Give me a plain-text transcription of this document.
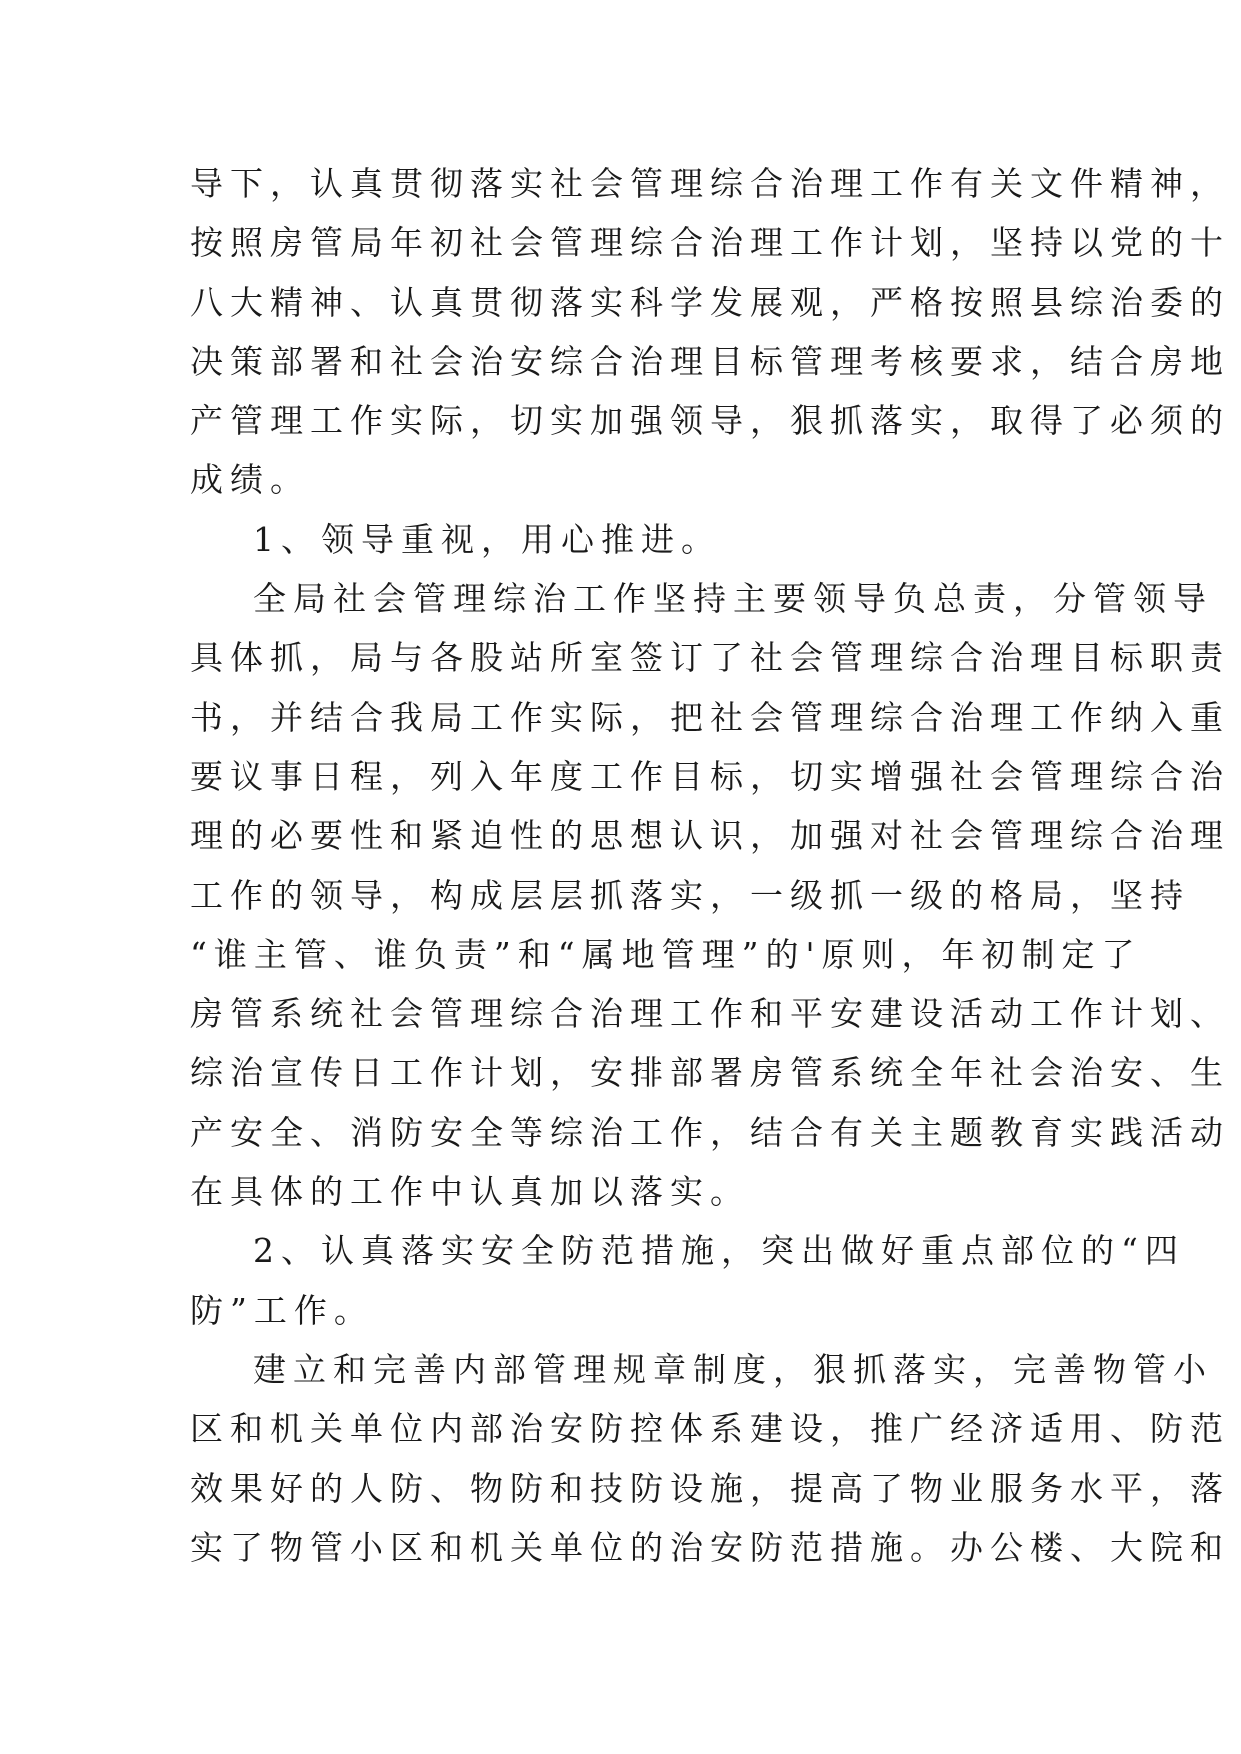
导下，认真贯彻落实社会管理综合治理工作有关文件精神，
按照房管局年初社会管理综合治理工作计划，坚持以党的十
八大精神、认真贯彻落实科学发展观，严格按照县综治委的
决策部署和社会治安综合治理目标管理考核要求，结合房地
产管理工作实际，切实加强领导，狠抓落实，取得了必须的
成绩。
1、领导重视，用心推进。
全局社会管理综治工作坚持主要领导负总责，分管领导
具体抓，局与各股站所室签订了社会管理综合治理目标职责
书，并结合我局工作实际，把社会管理综合治理工作纳入重
要议事日程，列入年度工作目标，切实增强社会管理综合治
理的必要性和紧迫性的思想认识，加强对社会管理综合治理
工作的领导，构成层层抓落实，一级抓一级的格局，坚持
“谁主管、谁负责”和“属地管理”的'原则，年初制定了
房管系统社会管理综合治理工作和平安建设活动工作计划、
综治宣传日工作计划，安排部署房管系统全年社会治安、生
产安全、消防安全等综治工作，结合有关主题教育实践活动
在具体的工作中认真加以落实。
2、认真落实安全防范措施，突出做好重点部位的“四
防”工作。
建立和完善内部管理规章制度，狠抓落实，完善物管小
区和机关单位内部治安防控体系建设，推广经济适用、防范
效果好的人防、物防和技防设施，提高了物业服务水平，落
实了物管小区和机关单位的治安防范措施。办公楼、大院和
